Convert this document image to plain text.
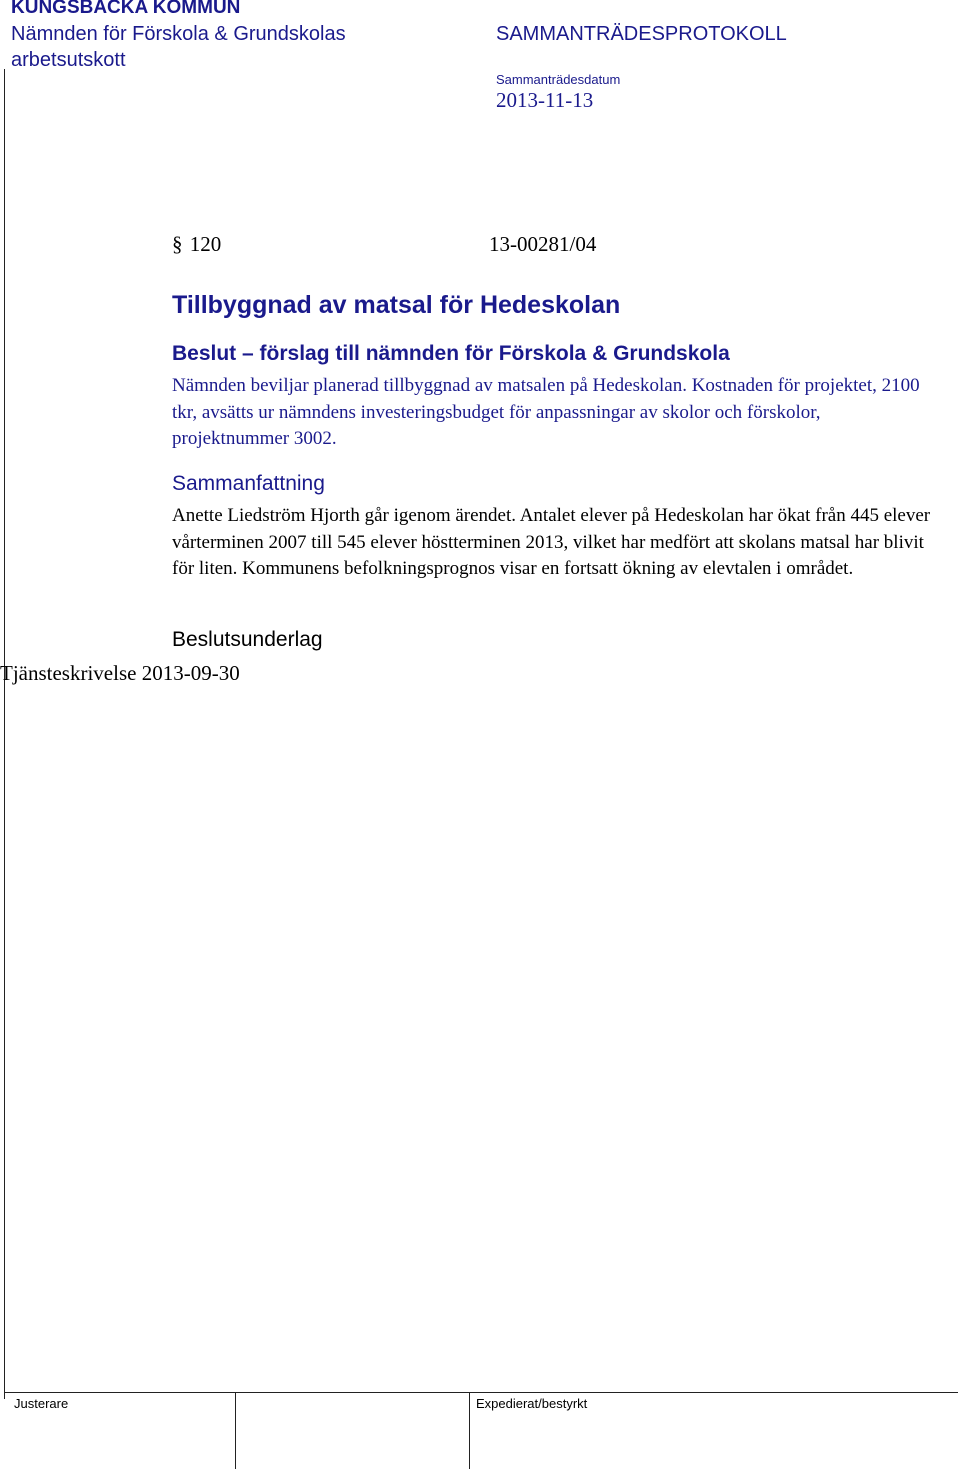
KUNGSBACKA KOMMUN
Nämnden för Förskola & Grundskolas
arbetsutskott
SAMMANTRÄDESPROTOKOLL
Sammanträdesdatum
2013-11-13
§ 120	13-00281/04
Tillbyggnad av matsal för Hedeskolan
Beslut – förslag till nämnden för Förskola & Grundskola
Nämnden beviljar planerad tillbyggnad av matsalen på Hedeskolan. Kostnaden för projektet, 2100 tkr, avsätts ur nämndens investeringsbudget för anpassningar av skolor och förskolor, projektnummer 3002.
Sammanfattning
Anette Liedström Hjorth går igenom ärendet. Antalet elever på Hedeskolan har ökat från 445 elever vårterminen 2007 till 545 elever höstterminen 2013, vilket har medfört att skolans matsal har blivit för liten. Kommunens befolkningsprognos visar en fortsatt ökning av elevtalen i området.
Beslutsunderlag
Tjänsteskrivelse 2013-09-30
Justerare	Expedierat/bestyrkt
